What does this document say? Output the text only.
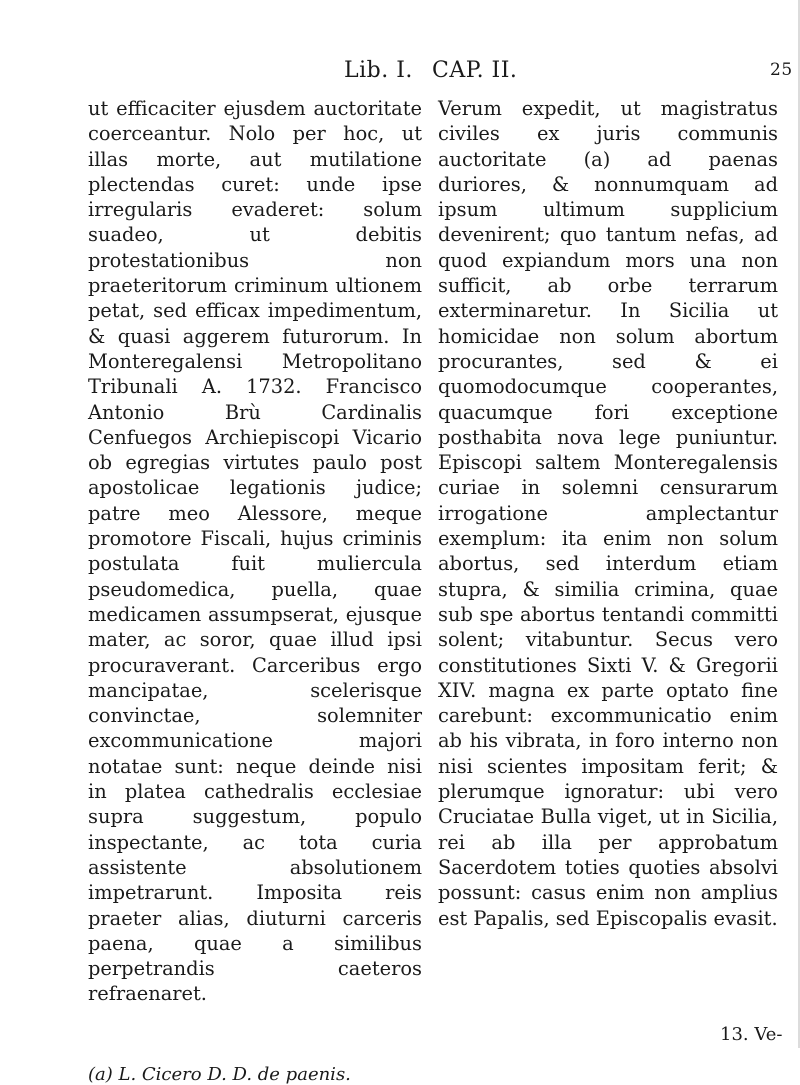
Lib. I. CAP. II.	25

ut efficaciter ejusdem auctoritate coerceantur. Nolo per hoc, ut illas morte, aut mutilatione plectendas curet: unde ipse irregularis evaderet: solum suadeo, ut debitis protestationibus non praeteritorum criminum ultionem petat, sed efficax impedimentum, & quasi aggerem futurorum. In Monteregalensi Metropolitano Tribunali A. 1732. Francisco Antonio Brù Cardinalis Cenfuegos Archiepiscopi Vicario ob egregias virtutes paulo post apostolicae legationis judice; patre meo Alessore, meque promotore Fiscali, hujus criminis postulata fuit muliercula pseudomedica, puella, quae medicamen assumpserat, ejusque mater, ac soror, quae illud ipsi procuraverant. Carceribus ergo mancipatae, scelerisque convinctae, solemniter excommunicatione majori notatae sunt: neque deinde nisi in platea cathedralis ecclesiae supra suggestum, populo inspectante, ac tota curia assistente absolutionem impetrarunt. Imposita reis praeter alias, diuturni carceris paena, quae a similibus perpetrandis caeteros refraenaret.

Verum expedit, ut magistratus civiles ex juris communis auctoritate (a) ad paenas duriores, & nonnumquam ad ipsum ultimum supplicium devenirent; quo tantum nefas, ad quod expiandum mors una non sufficit, ab orbe terrarum exterminaretur. In Sicilia ut homicidae non solum abortum procurantes, sed & ei quomodocumque cooperantes, quacumque fori exceptione posthabita nova lege puniuntur. Episcopi saltem Monteregalensis curiae in solemni censurarum irrogatione amplectantur exemplum: ita enim non solum abortus, sed interdum etiam stupra, & similia crimina, quae sub spe abortus tentandi committi solent; vitabuntur. Secus vero constitutiones Sixti V. & Gregorii XIV. magna ex parte optato fine carebunt: excommunicatio enim ab his vibrata, in foro interno non nisi scientes impositam ferit; & plerumque ignoratur: ubi vero Cruciatae Bulla viget, ut in Sicilia, rei ab illa per approbatum Sacerdotem toties quoties absolvi possunt: casus enim non amplius est Papalis, sed Episcopalis evasit.

13. Ve-
(a) L. Cicero D. D. de paenis.
